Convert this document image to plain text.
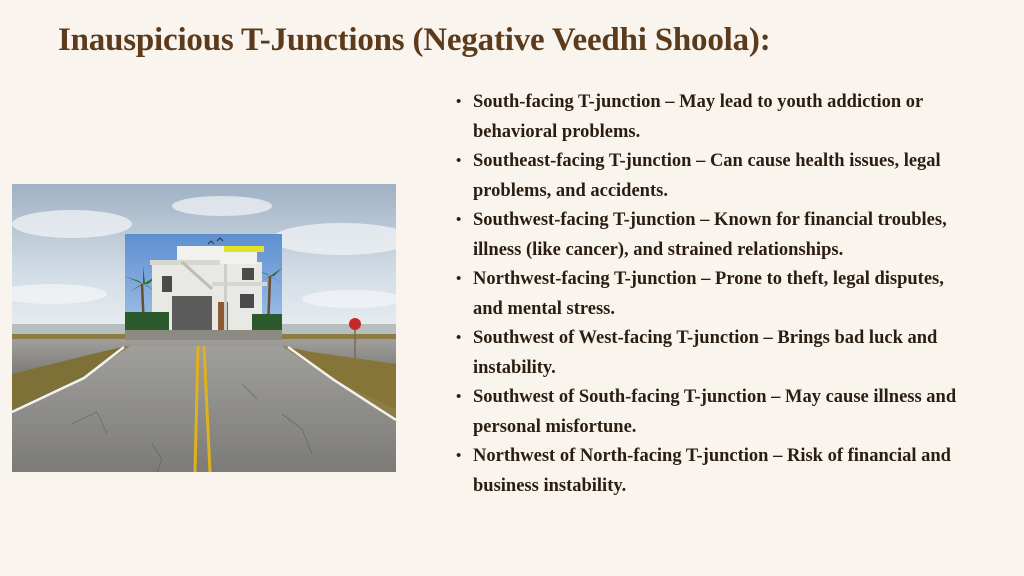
Inauspicious T-Junctions (Negative Veedhi Shoola):
• South-facing T-junction – May lead to youth addiction or behavioral problems.
• Southeast-facing T-junction – Can cause health issues, legal problems, and accidents.
• Southwest-facing T-junction – Known for financial troubles, illness (like cancer), and strained relationships.
• Northwest-facing T-junction – Prone to theft, legal disputes, and mental stress.
• Southwest of West-facing T-junction – Brings bad luck and instability.
• Southwest of South-facing T-junction – May cause illness and personal misfortune.
• Northwest of North-facing T-junction – Risk of financial and business instability.
